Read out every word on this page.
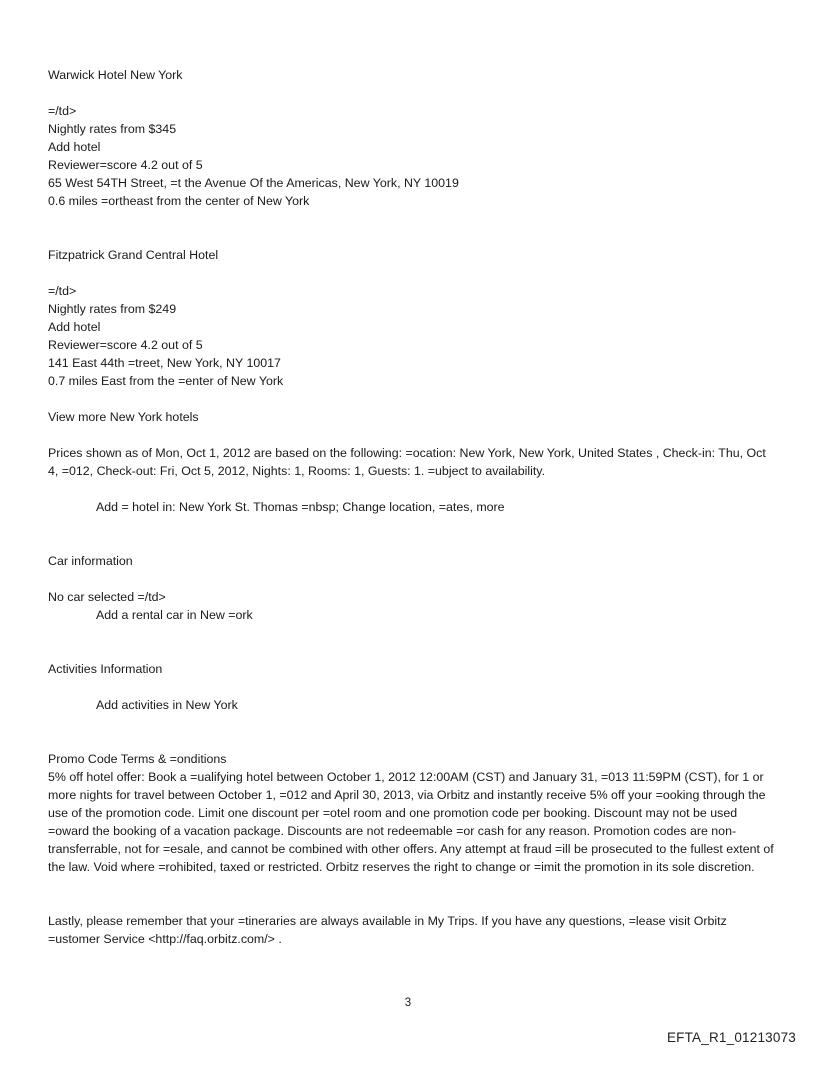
Warwick Hotel New York
=/td>
Nightly rates from $345
Add hotel
Reviewer=score 4.2 out of 5
65 West 54TH Street, =t the Avenue Of the Americas, New York, NY 10019
0.6 miles =ortheast from the center of New York
Fitzpatrick Grand Central Hotel
=/td>
Nightly rates from $249
Add hotel
Reviewer=score 4.2 out of 5
141 East 44th =treet, New York, NY 10017
0.7 miles East from the =enter of New York
View more New York hotels
Prices shown as of Mon, Oct 1, 2012 are based on the following: =ocation: New York, New York, United States , Check-in: Thu, Oct 4, =012, Check-out: Fri, Oct 5, 2012, Nights: 1, Rooms: 1, Guests: 1. =ubject to availability.
Add = hotel in: New York St. Thomas =nbsp; Change location, =ates, more
Car information
No car selected =/td>
Add a rental car in New =ork
Activities Information
Add activities in New York
Promo Code Terms & =onditions
5% off hotel offer: Book a =ualifying hotel between October 1, 2012 12:00AM (CST) and January 31, =013 11:59PM (CST), for 1 or more nights for travel between October 1, =012 and April 30, 2013, via Orbitz and instantly receive 5% off your =ooking through the use of the promotion code. Limit one discount per =otel room and one promotion code per booking. Discount may not be used =oward the booking of a vacation package. Discounts are not redeemable =or cash for any reason. Promotion codes are non-transferrable, not for =esale, and cannot be combined with other offers. Any attempt at fraud =ill be prosecuted to the fullest extent of the law. Void where =rohibited, taxed or restricted. Orbitz reserves the right to change or =imit the promotion in its sole discretion.
Lastly, please remember that your =tineraries are always available in My Trips. If you have any questions, =lease visit Orbitz =ustomer Service <http://faq.orbitz.com/> .
3
EFTA_R1_01213073
